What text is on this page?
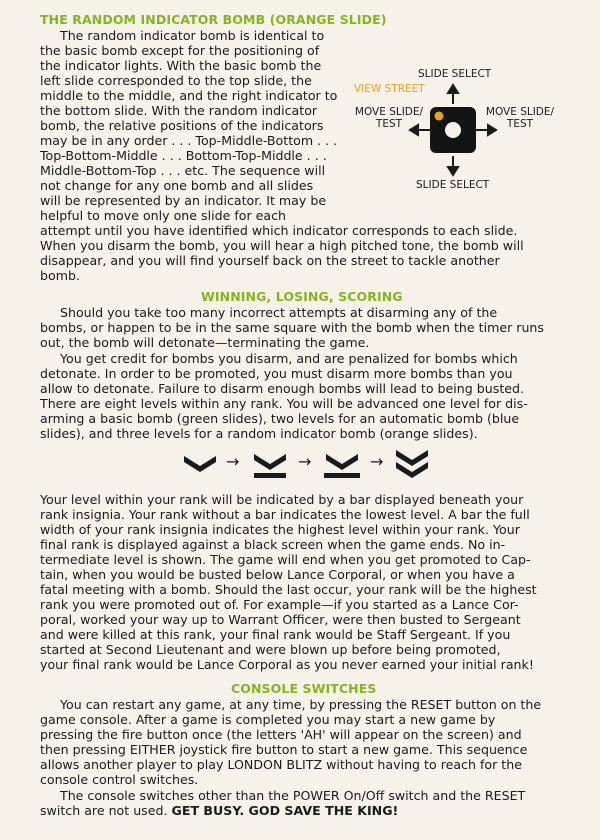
THE RANDOM INDICATOR BOMB (ORANGE SLIDE)
The random indicator bomb is identical to
the basic bomb except for the positioning of
the indicator lights. With the basic bomb the
left slide corresponded to the top slide, the
middle to the middle, and the right indicator to
the bottom slide. With the random indicator
bomb, the relative positions of the indicators
may be in any order . . . Top-Middle-Bottom . . .
Top-Bottom-Middle . . . Bottom-Top-Middle . . .
Middle-Bottom-Top . . . etc. The sequence will
not change for any one bomb and all slides
will be represented by an indicator. It may be
helpful to move only one slide for each
attempt until you have identified which indicator corresponds to each slide.
When you disarm the bomb, you will hear a high pitched tone, the bomb will
disappear, and you will find yourself back on the street to tackle another
bomb.
SLIDE SELECT
VIEW STREET
MOVE SLIDE/
TEST
MOVE SLIDE/
TEST
SLIDE SELECT
WINNING, LOSING, SCORING
Should you take too many incorrect attempts at disarming any of the
bombs, or happen to be in the same square with the bomb when the timer runs
out, the bomb will detonate—terminating the game.
You get credit for bombs you disarm, and are penalized for bombs which
detonate. In order to be promoted, you must disarm more bombs than you
allow to detonate. Failure to disarm enough bombs will lead to being busted.
There are eight levels within any rank. You will be advanced one level for dis-
arming a basic bomb (green slides), two levels for an automatic bomb (blue
slides), and three levels for a random indicator bomb (orange slides).
→	→	→
Your level within your rank will be indicated by a bar displayed beneath your
rank insignia. Your rank without a bar indicates the lowest level. A bar the full
width of your rank insignia indicates the highest level within your rank. Your
final rank is displayed against a black screen when the game ends. No in-
termediate level is shown. The game will end when you get promoted to Cap-
tain, when you would be busted below Lance Corporal, or when you have a
fatal meeting with a bomb. Should the last occur, your rank will be the highest
rank you were promoted out of. For example—if you started as a Lance Cor-
poral, worked your way up to Warrant Officer, were then busted to Sergeant
and were killed at this rank, your final rank would be Staff Sergeant. If you
started at Second Lieutenant and were blown up before being promoted,
your final rank would be Lance Corporal as you never earned your initial rank!
CONSOLE SWITCHES
You can restart any game, at any time, by pressing the RESET button on the
game console. After a game is completed you may start a new game by
pressing the fire button once (the letters 'AH' will appear on the screen) and
then pressing EITHER joystick fire button to start a new game. This sequence
allows another player to play LONDON BLITZ without having to reach for the
console control switches.
The console switches other than the POWER On/Off switch and the RESET
switch are not used. GET BUSY. GOD SAVE THE KING!
